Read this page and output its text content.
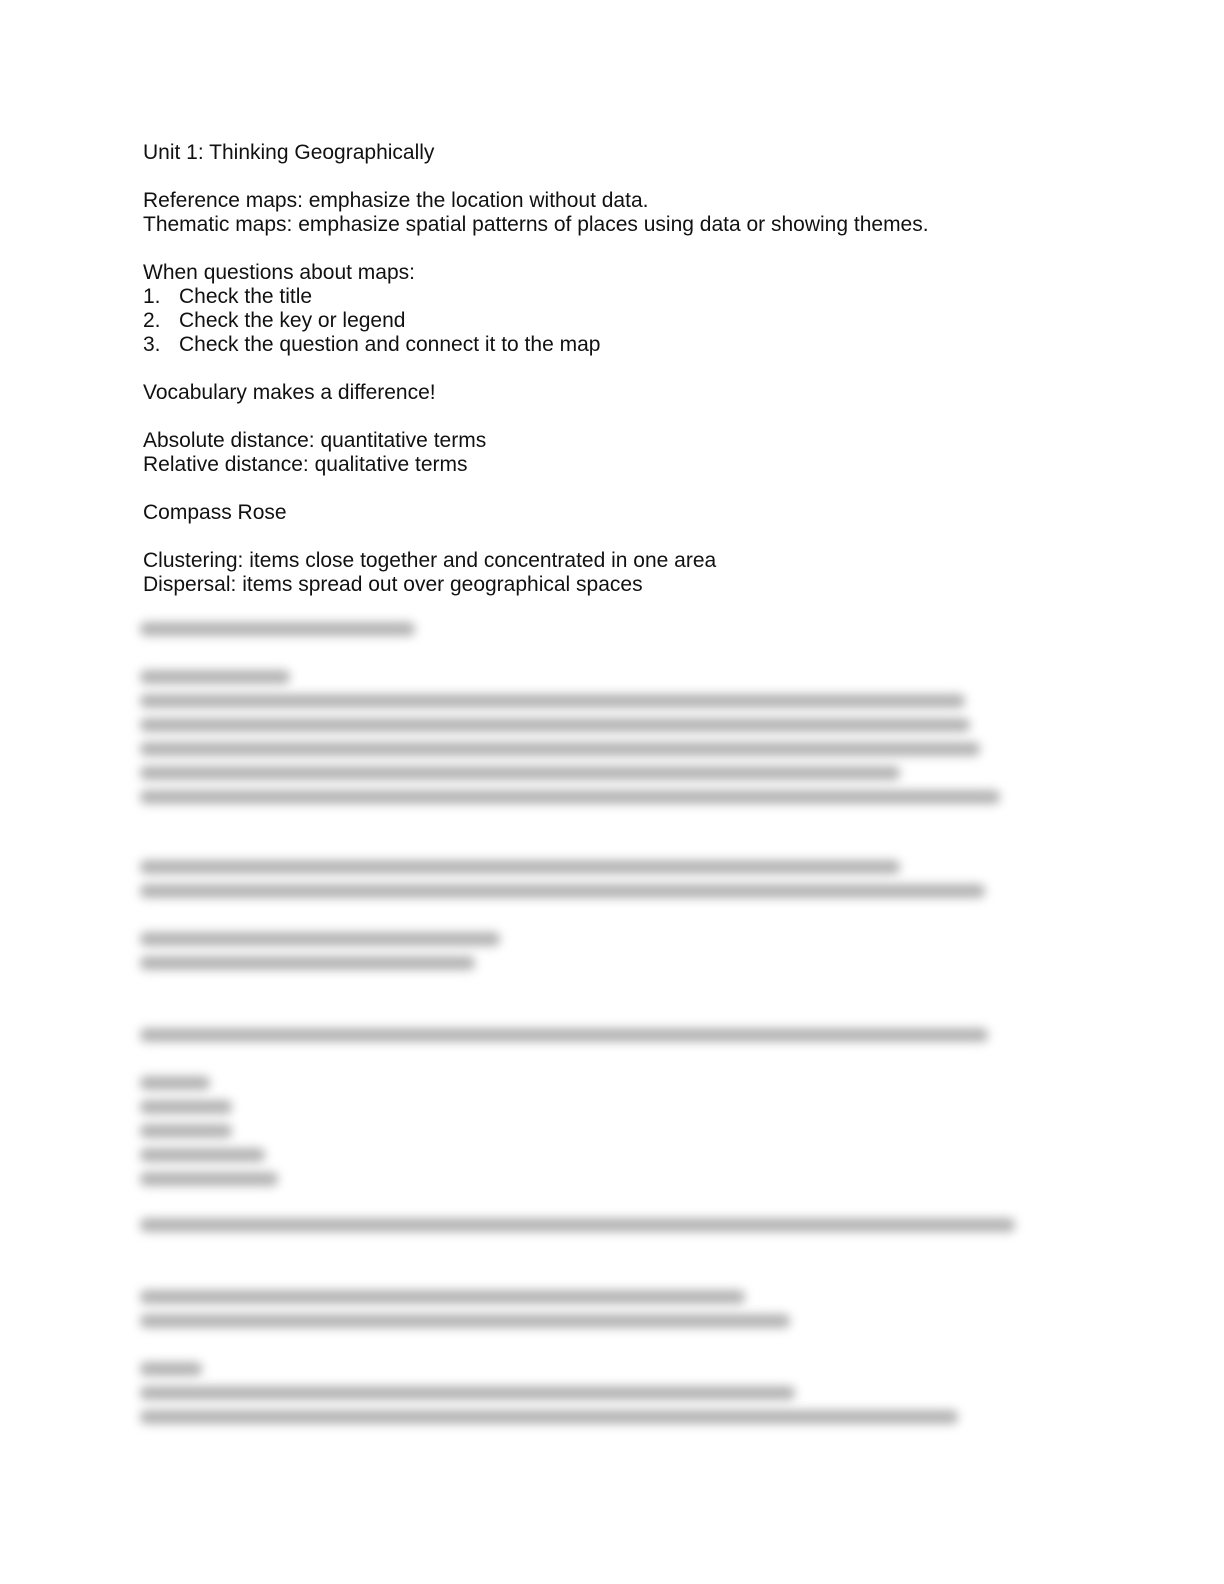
Unit 1: Thinking Geographically
Reference maps: emphasize the location without data.
Thematic maps: emphasize spatial patterns of places using data or showing themes.
When questions about maps:
1. Check the title
2. Check the key or legend
3. Check the question and connect it to the map
Vocabulary makes a difference!
Absolute distance: quantitative terms
Relative distance: qualitative terms
Compass Rose
Clustering: items close together and concentrated in one area
Dispersal: items spread out over geographical spaces
